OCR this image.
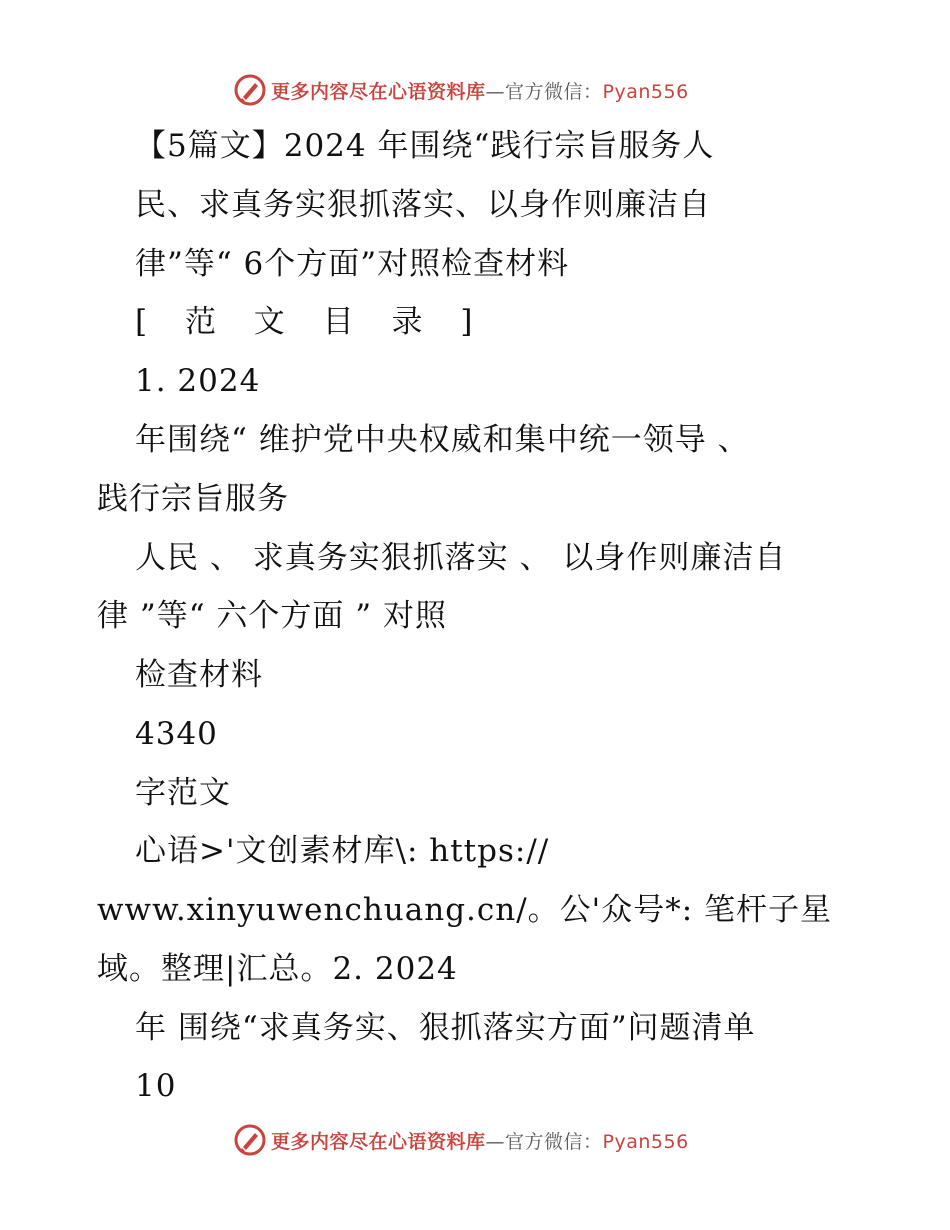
更多内容尽在心语资料库—官方微信：Pyan556
【5篇文】2024 年围绕“践行宗旨服务人
民、求真务实狠抓落实、以身作则廉洁自
律”等“ 6个方面”对照检查材料
[ 范 文 目 录 ]
1. 2024
年围绕“ 维护党中央权威和集中统一领导 、
践行宗旨服务
人民 、 求真务实狠抓落实 、 以身作则廉洁自
律 ”等“ 六个方面 ” 对照
检查材料
4340
字范文
心语>'文创素材库\: https://
www.xinyuwenchuang.cn/。公'众号*: 笔杆子星
域。整理|汇总。2. 2024
年 围绕“求真务实、狠抓落实方面”问题清单
10
更多内容尽在心语资料库—官方微信：Pyan556
